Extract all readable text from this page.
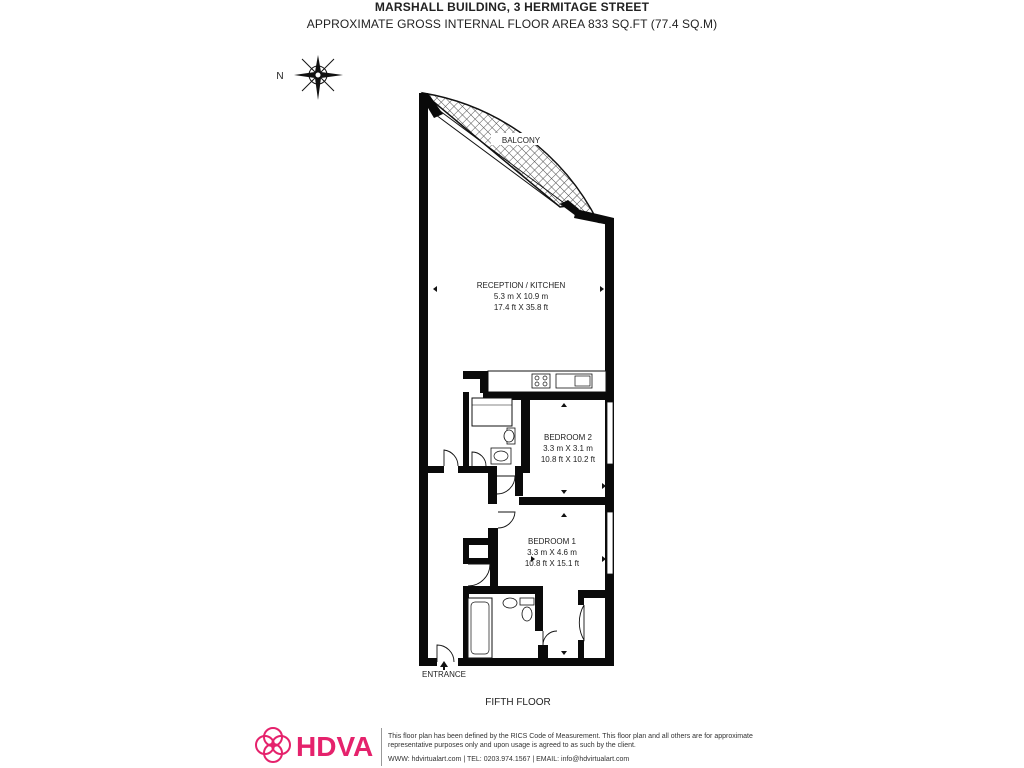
MARSHALL BUILDING, 3 HERMITAGE STREET
APPROXIMATE GROSS INTERNAL FLOOR AREA 833 SQ.FT (77.4 SQ.M)
N
BALCONY
RECEPTION / KITCHEN
5.3 m X 10.9 m
17.4 ft X 35.8 ft
BEDROOM 2
3.3 m X 3.1 m
10.8 ft X 10.2 ft
BEDROOM 1
3.3 m X 4.6 m
10.8 ft X 15.1 ft
ENTRANCE
FIFTH FLOOR
HDVA This floor plan has been defined by the RICS Code of Measurement. This floor plan and all others are for approximate representative purposes only and upon usage is agreed to as such by the client.
WWW: hdvirtualart.com | TEL: 0203.974.1567 | EMAIL: info@hdvirtualart.com
